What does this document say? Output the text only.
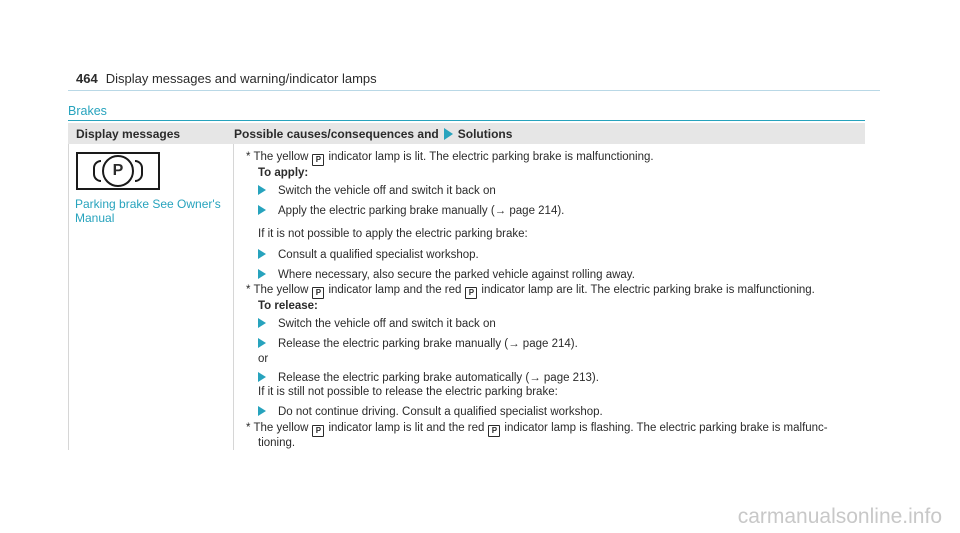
464 Display messages and warning/indicator lamps
Brakes
Display messages	Possible causes/consequences and Solutions
P
Parking brake See Owner's Manual
* The yellow P indicator lamp is lit. The electric parking brake is malfunctioning.
To apply:
Switch the vehicle off and switch it back on
Apply the electric parking brake manually (→ page 214).
If it is not possible to apply the electric parking brake:
Consult a qualified specialist workshop.
Where necessary, also secure the parked vehicle against rolling away.
* The yellow P indicator lamp and the red P indicator lamp are lit. The electric parking brake is malfunctioning.
To release:
Switch the vehicle off and switch it back on
Release the electric parking brake manually (→ page 214).
or
Release the electric parking brake automatically (→ page 213).
If it is still not possible to release the electric parking brake:
Do not continue driving. Consult a qualified specialist workshop.
* The yellow P indicator lamp is lit and the red P indicator lamp is flashing. The electric parking brake is malfunc-
tioning.
carmanualsonline.info
